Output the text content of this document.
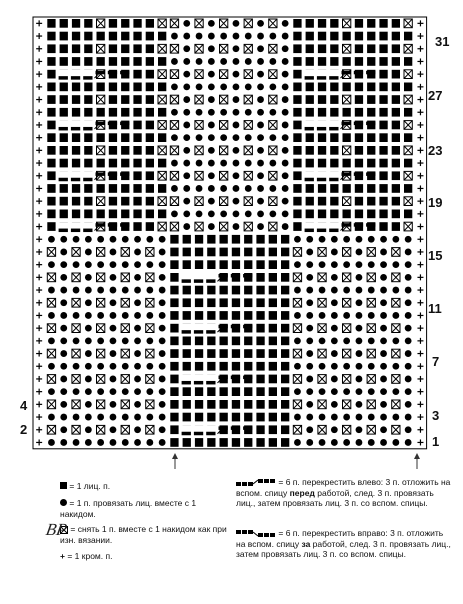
31
27
23
19
15
11
7
3
1
4
2
= 1 лиц. п.
= 1 п. провязать лиц. вместе с 1 накидом.
= снять 1 п. вместе с 1 накидом как при изн. вязании.
+ = 1 кром. п.
= 6 п. перекрестить влево: 3 п. отложить на вспом. спицу перед работой, след. 3 п. провязать лиц., затем провязать лиц. 3 п. со вспом. спицы.
= 6 п. перекрестить вправо: 3 п. отложить на вспом. спицу за работой, след. 3 п. провязать лиц., затем провязать лиц. 3 п. со вспом. спицы.
BP
